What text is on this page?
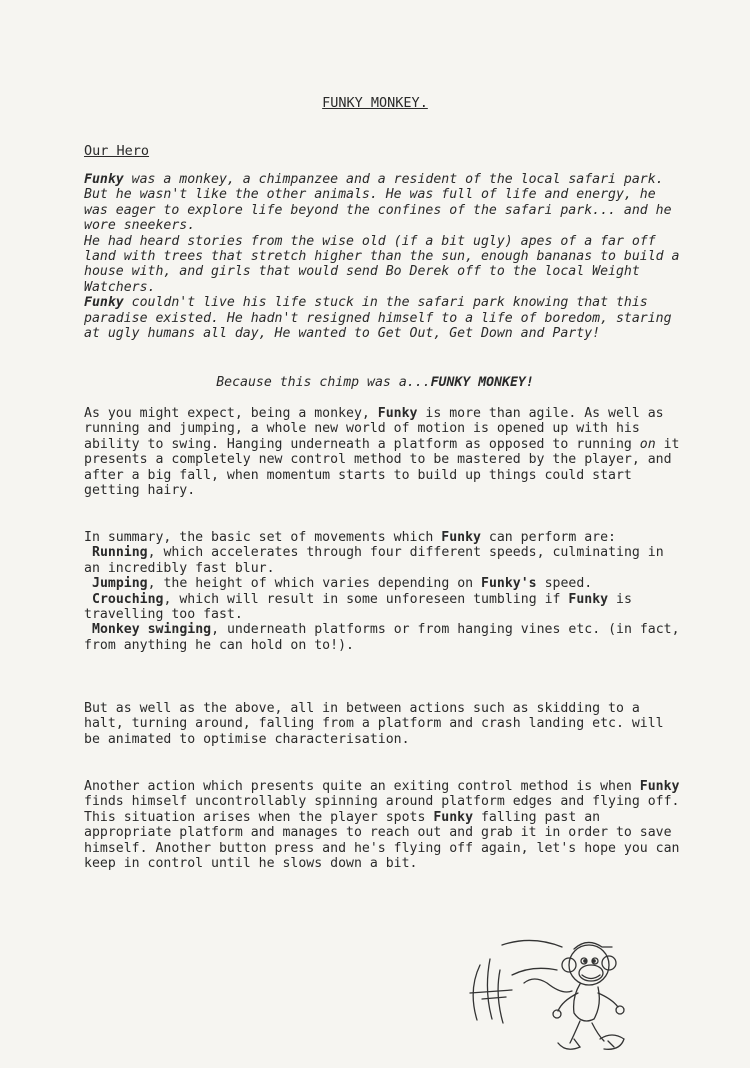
FUNKY MONKEY.
Our Hero

Funky was a monkey, a chimpanzee and a resident of the local safari park. But he wasn't like the other animals. He was full of life and energy, he was eager to explore life beyond the confines of the safari park... and he wore sneekers.

He had heard stories from the wise old (if a bit ugly) apes of a far off land with trees that stretch higher than the sun, enough bananas to build a house with, and girls that would send Bo Derek off to the local Weight Watchers.

Funky couldn't live his life stuck in the safari park knowing that this paradise existed. He hadn't resigned himself to a life of boredom, staring at ugly humans all day, He wanted to Get Out, Get Down and Party!

Because this chimp was a...FUNKY MONKEY!

As you might expect, being a monkey, Funky is more than agile. As well as running and jumping, a whole new world of motion is opened up with his ability to swing. Hanging underneath a platform as opposed to running on it presents a completely new control method to be mastered by the player, and after a big fall, when momentum starts to build up things could start getting hairy.

In summary, the basic set of movements which Funky can perform are:

Running, which accelerates through four different speeds, culminating in an incredibly fast blur.
Jumping, the height of which varies depending on Funky's speed.
Crouching, which will result in some unforeseen tumbling if Funky is travelling too fast.
Monkey swinging, underneath platforms or from hanging vines etc. (in fact, from anything he can hold on to!).

But as well as the above, all in between actions such as skidding to a halt, turning around, falling from a platform and crash landing etc. will be animated to optimise characterisation.

Another action which presents quite an exiting control method is when Funky finds himself uncontrollably spinning around platform edges and flying off. This situation arises when the player spots Funky falling past an appropriate platform and manages to reach out and grab it in order to save himself. Another button press and he's flying off again, let's hope you can keep in control until he slows down a bit.
